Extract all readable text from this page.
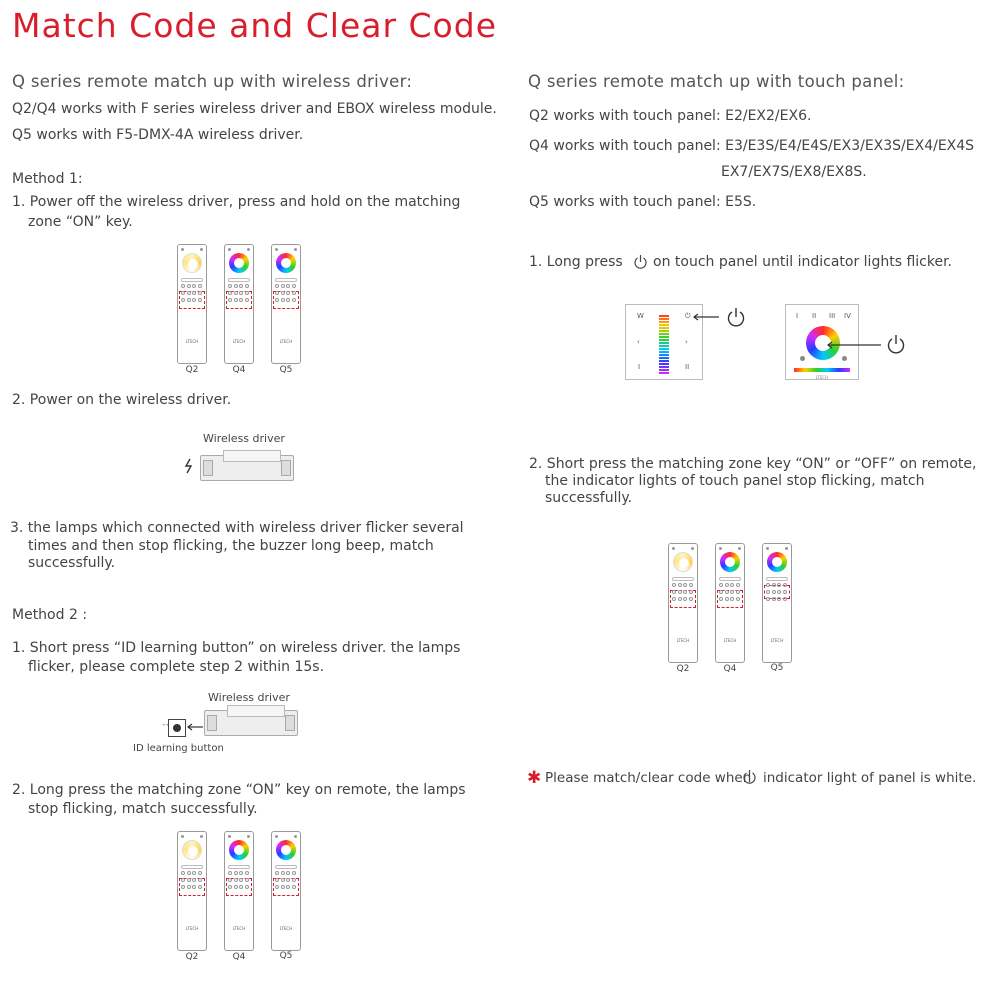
Match Code and Clear Code
Q series remote match up with wireless driver:
Q2/Q4 works with F series wireless driver and EBOX wireless module.
Q5 works with F5-DMX-4A wireless driver.
Method 1:
1. Power off the wireless driver, press and hold on the matching
zone “ON” key.
LTECH	LTECH	LTECH
Q2	Q4	Q5
2. Power on the wireless driver.
Wireless driver
3. the lamps which connected with wireless driver flicker several
times and then stop flicking, the buzzer long beep, match
successfully.
Method 2 :
1. Short press “ID learning button” on wireless driver. the lamps
flicker, please complete step 2 within 15s.
Wireless driver
••
ID learning button
2. Long press the matching zone “ON” key on remote, the lamps
stop flicking, match successfully.
LTECH	LTECH	LTECH
Q2	Q4	Q5
Q series remote match up with touch panel:
Q2 works with touch panel: E2/EX2/EX6.
Q4 works with touch panel: E3/E3S/E4/E4S/EX3/EX3S/EX4/EX4S
EX7/EX7S/EX8/EX8S.
Q5 works with touch panel: E5S.
1. Long press on touch panel until indicator lights flicker.
W	⏻
‹	›
I	II
I II III IV
LTECH
2. Short press the matching zone key “ON” or “OFF” on remote,
the indicator lights of touch panel stop flicking, match
successfully.
LTECH	LTECH	LTECH
Q2	Q4	Q5
✱ Please match/clear code when indicator light of panel is white.
